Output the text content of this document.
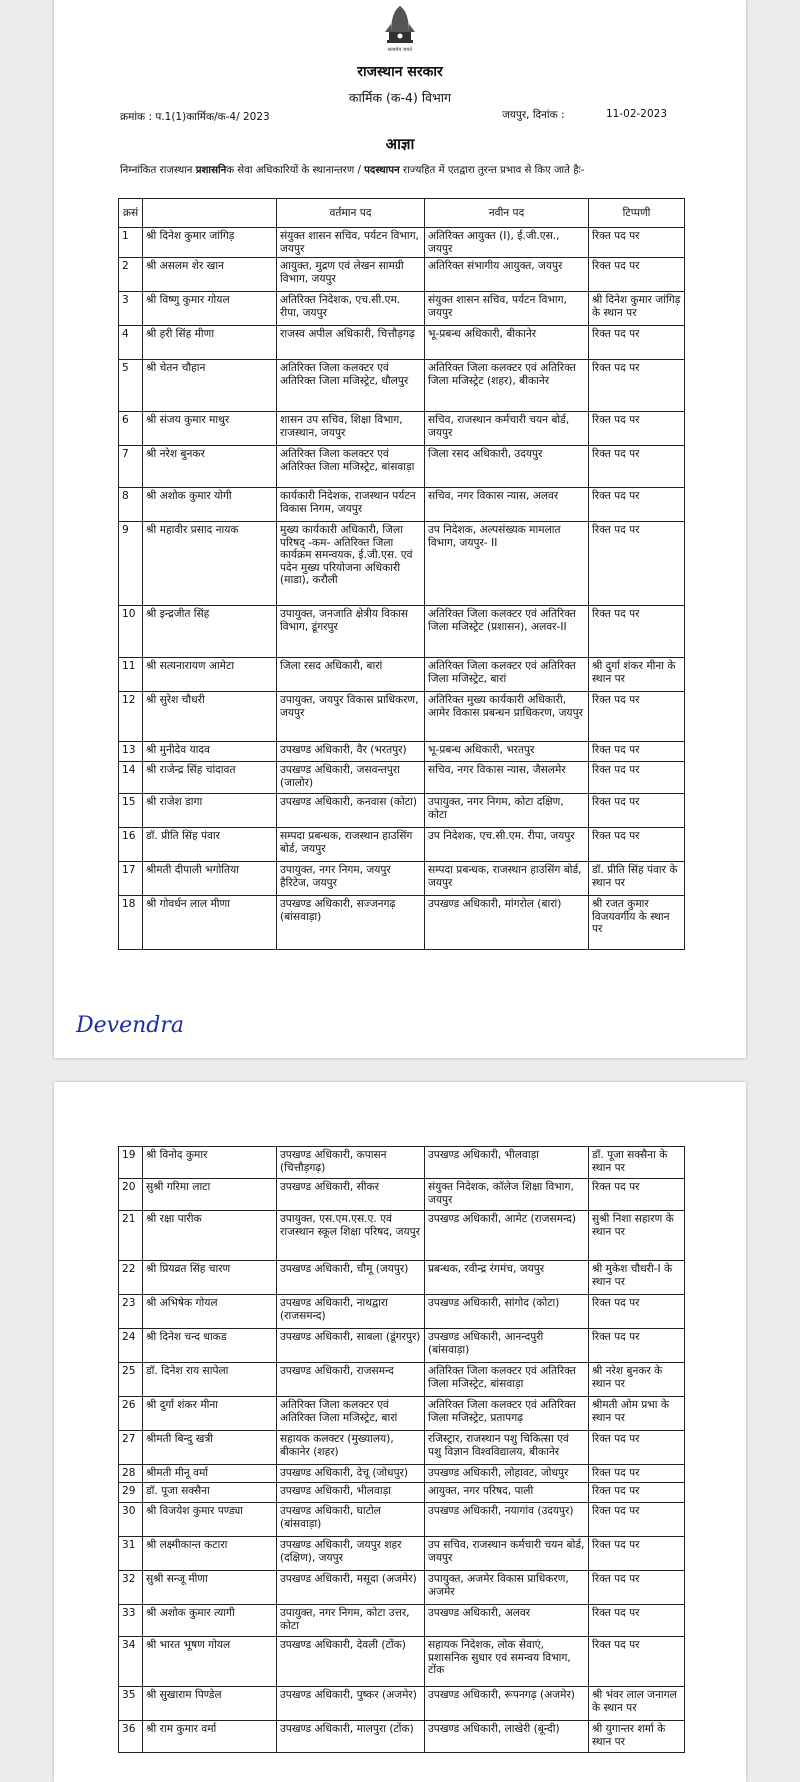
सत्यमेव जयते
राजस्थान सरकार
कार्मिक (क-4) विभाग
क्रमांक : प.1(1)कार्मिक/क-4/ 2023	जयपुर, दिनांक :	11-02-2023
आज्ञा
निम्नांकित राजस्थान प्रशासनिक सेवा अधिकारियों के स्थानान्तरण / पदस्थापन राज्यहित में एतद्वारा तुरन्त प्रभाव से किए जाते हैः-
क्रसं		वर्तमान पद	नवीन पद	टिप्पणी
1	श्री दिनेश कुमार जांगिड़	संयुक्त शासन सचिव, पर्यटन विभाग, जयपुर	अतिरिक्त आयुक्त (I), ई.जी.एस., जयपुर	रिक्त पद पर
2	श्री असलम शेर खान	आयुक्त, मुद्रण एवं लेखन सामग्री विभाग, जयपुर	अतिरिक्त संभागीय आयुक्त, जयपुर	रिक्त पद पर
3	श्री विष्णु कुमार गोयल	अतिरिक्त निदेशक, एच.सी.एम. रीपा, जयपुर	संयुक्त शासन सचिव, पर्यटन विभाग, जयपुर	श्री दिनेश कुमार जांगिड़ के स्थान पर
4	श्री हरी सिंह मीणा	राजस्व अपील अधिकारी, चित्तौड़गढ़	भू-प्रबन्ध अधिकारी, बीकानेर	रिक्त पद पर
5	श्री चेतन चौहान	अतिरिक्त जिला कलक्टर एवं अतिरिक्त जिला मजिस्ट्रेट, धौलपुर	अतिरिक्त जिला कलक्टर एवं अतिरिक्त जिला मजिस्ट्रेट (शहर), बीकानेर	रिक्त पद पर
6	श्री संजय कुमार माथुर	शासन उप सचिव, शिक्षा विभाग, राजस्थान, जयपुर	सचिव, राजस्थान कर्मचारी चयन बोर्ड, जयपुर	रिक्त पद पर
7	श्री नरेश बुनकर	अतिरिक्त जिला कलक्टर एवं अतिरिक्त जिला मजिस्ट्रेट, बांसवाड़ा	जिला रसद अधिकारी, उदयपुर	रिक्त पद पर
8	श्री अशोक कुमार योगी	कार्यकारी निदेशक, राजस्थान पर्यटन विकास निगम, जयपुर	सचिव, नगर विकास न्यास, अलवर	रिक्त पद पर
9	श्री महावीर प्रसाद नायक	मुख्य कार्यकारी अधिकारी, जिला परिषद् -कम- अतिरिक्त जिला कार्यक्रम समन्वयक, ई.जी.एस. एवं पदेन मुख्य परियोजना अधिकारी (माडा), करौली	उप निदेशक, अल्पसंख्यक मामलात विभाग, जयपुर- II	रिक्त पद पर
10	श्री इन्द्रजीत सिंह	उपायुक्त, जनजाति क्षेत्रीय विकास विभाग, डूंगरपुर	अतिरिक्त जिला कलक्टर एवं अतिरिक्त जिला मजिस्ट्रेट (प्रशासन), अलवर-II	रिक्त पद पर
11	श्री सत्यनारायण आमेटा	जिला रसद अधिकारी, बारां	अतिरिक्त जिला कलक्टर एवं अतिरिक्त जिला मजिस्ट्रेट, बारां	श्री दुर्गा शंकर मीना के स्थान पर
12	श्री सुरेश चौधरी	उपायुक्त, जयपुर विकास प्राधिकरण, जयपुर	अतिरिक्त मुख्य कार्यकारी अधिकारी, आमेर विकास प्रबन्धन प्राधिकरण, जयपुर	रिक्त पद पर
13	श्री मुनीदेव यादव	उपखण्ड अधिकारी, वैर (भरतपुर)	भू-प्रबन्ध अधिकारी, भरतपुर	रिक्त पद पर
14	श्री राजेन्द्र सिंह चांदावत	उपखण्ड अधिकारी, जसवन्तपुरा (जालोर)	सचिव, नगर विकास न्यास, जैसलमेर	रिक्त पद पर
15	श्री राजेश डागा	उपखण्ड अधिकारी, कनवास (कोटा)	उपायुक्त, नगर निगम, कोटा दक्षिण, कोटा	रिक्त पद पर
16	डॉ. प्रीति सिंह पंवार	सम्पदा प्रबन्धक, राजस्थान हाउसिंग बोर्ड, जयपुर	उप निदेशक, एच.सी.एम. रीपा, जयपुर	रिक्त पद पर
17	श्रीमती दीपाली भगोतिया	उपायुक्त, नगर निगम, जयपुर हैरिटेज, जयपुर	सम्पदा प्रबन्धक, राजस्थान हाउसिंग बोर्ड, जयपुर	डॉ. प्रीति सिंह पंवार के स्थान पर
18	श्री गोवर्धन लाल मीणा	उपखण्ड अधिकारी, सज्जनगढ़ (बांसवाड़ा)	उपखण्ड अधिकारी, मांगरोल (बारां)	श्री रजत कुमार विजयवर्गीय के स्थान पर
Devendra
19	श्री विनोद कुमार	उपखण्ड अधिकारी, कपासन (चित्तौड़गढ़)	उपखण्ड अधिकारी, भीलवाड़ा	डॉ. पूजा सक्सैना के स्थान पर
20	सुश्री गरिमा लाटा	उपखण्ड अधिकारी, सीकर	संयुक्त निदेशक, कॉलेज शिक्षा विभाग, जयपुर	रिक्त पद पर
21	श्री रक्षा पारीक	उपायुक्त, एस.एम.एस.ए. एवं राजस्थान स्कूल शिक्षा परिषद, जयपुर	उपखण्ड अधिकारी, आमेट (राजसमन्द)	सुश्री निशा सहारण के स्थान पर
22	श्री प्रियव्रत सिंह चारण	उपखण्ड अधिकारी, चौमू (जयपुर)	प्रबन्धक, रवीन्द्र रंगमंच, जयपुर	श्री मुकेश चौधरी-I के स्थान पर
23	श्री अभिषेक गोयल	उपखण्ड अधिकारी, नाथद्वारा (राजसमन्द)	उपखण्ड अधिकारी, सांगोद (कोटा)	रिक्त पद पर
24	श्री दिनेश चन्द धाकड	उपखण्ड अधिकारी, साबला (डूंगरपुर)	उपखण्ड अधिकारी, आनन्दपुरी (बांसवाड़ा)	रिक्त पद पर
25	डॉ. दिनेश राय सापेला	उपखण्ड अधिकारी, राजसमन्द	अतिरिक्त जिला कलक्टर एवं अतिरिक्त जिला मजिस्ट्रेट, बांसवाड़ा	श्री नरेश बुनकर के स्थान पर
26	श्री दुर्गा शंकर मीना	अतिरिक्त जिला कलक्टर एवं अतिरिक्त जिला मजिस्ट्रेट, बारां	अतिरिक्त जिला कलक्टर एवं अतिरिक्त जिला मजिस्ट्रेट, प्रतापगढ़	श्रीमती ओम प्रभा के स्थान पर
27	श्रीमती बिन्दु खत्री	सहायक कलक्टर (मुख्यालय), बीकानेर (शहर)	रजिस्ट्रार, राजस्थान पशु चिकित्सा एवं पशु विज्ञान विश्वविद्यालय, बीकानेर	रिक्त पद पर
28	श्रीमती मीनू वर्मा	उपखण्ड अधिकारी, देचू (जोधपुर)	उपखण्ड अधिकारी, लोहावट, जोधपुर	रिक्त पद पर
29	डॉ. पूजा सक्सैना	उपखण्ड अधिकारी, भीलवाड़ा	आयुक्त, नगर परिषद, पाली	रिक्त पद पर
30	श्री विजयेश कुमार पण्ड्या	उपखण्ड अधिकारी, घाटोल (बांसवाड़ा)	उपखण्ड अधिकारी, नयागांव (उदयपुर)	रिक्त पद पर
31	श्री लक्ष्मीकान्त कटारा	उपखण्ड अधिकारी, जयपुर शहर (दक्षिण), जयपुर	उप सचिव, राजस्थान कर्मचारी चयन बोर्ड, जयपुर	रिक्त पद पर
32	सुश्री सन्जू मीणा	उपखण्ड अधिकारी, मसूदा (अजमेर)	उपायुक्त, अजमेर विकास प्राधिकरण, अजमेर	रिक्त पद पर
33	श्री अशोक कुमार त्यागी	उपायुक्त, नगर निगम, कोटा उत्तर, कोटा	उपखण्ड अधिकारी, अलवर	रिक्त पद पर
34	श्री भारत भूषण गोयल	उपखण्ड अधिकारी, देवली (टोंक)	सहायक निदेशक, लोक सेवाएं, प्रशासनिक सुधार एवं समन्वय विभाग, टोंक	रिक्त पद पर
35	श्री सुखाराम पिण्डेल	उपखण्ड अधिकारी, पुष्कर (अजमेर)	उपखण्ड अधिकारी, रूपनगढ़ (अजमेर)	श्री भंवर लाल जनागल के स्थान पर
36	श्री राम कुमार वर्मा	उपखण्ड अधिकारी, मालपुरा (टोंक)	उपखण्ड अधिकारी, लाखेरी (बून्दी)	श्री युगान्तर शर्मा के स्थान पर
